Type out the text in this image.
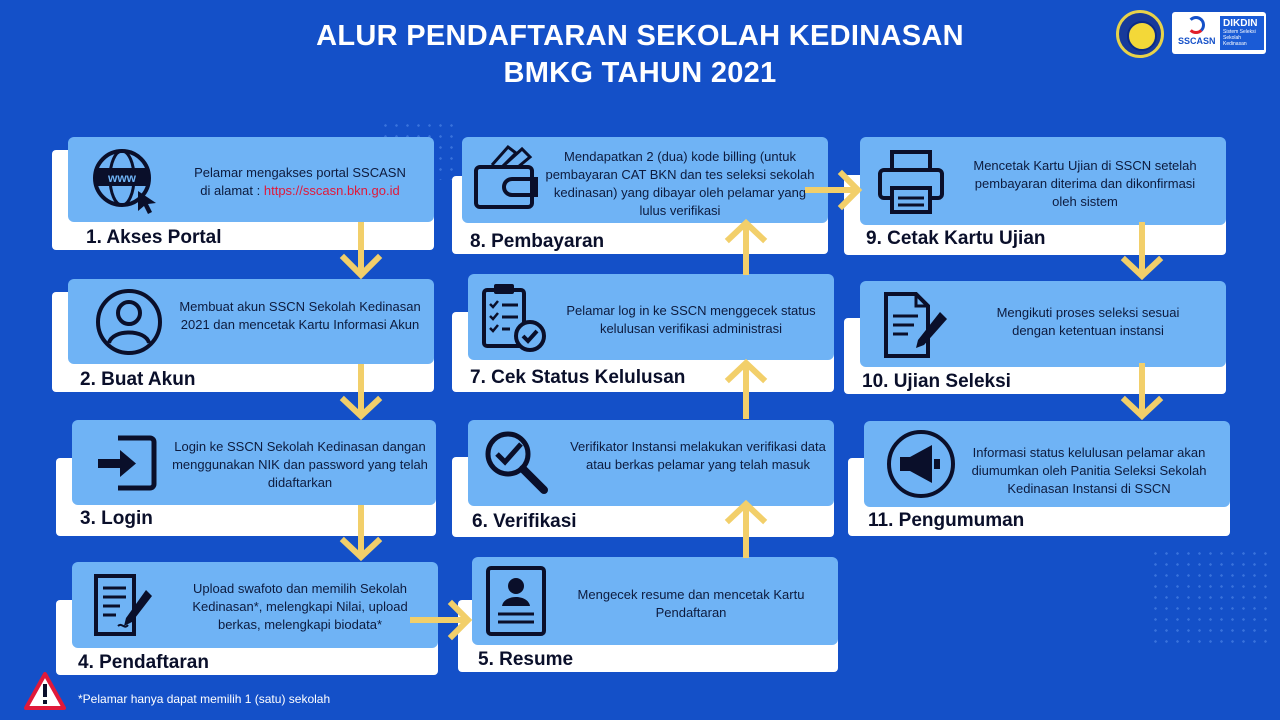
ALUR PENDAFTARAN SEKOLAH KEDINASAN
BMKG TAHUN 2021
SSCASN
DIKDIN
Sistem Seleksi Sekolah Kedinasan
www	Pelamar mengakses portal SSCASN
di alamat : https://sscasn.bkn.go.id
1. Akses Portal
Membuat akun SSCN Sekolah Kedinasan 2021 dan mencetak Kartu Informasi Akun
2. Buat Akun
Login ke SSCN Sekolah Kedinasan dangan menggunakan NIK dan password yang telah didaftarkan
3. Login
Upload swafoto dan memilih Sekolah Kedinasan*, melengkapi Nilai, upload berkas, melengkapi biodata*
4. Pendaftaran
Mendapatkan 2 (dua) kode billing (untuk pembayaran CAT BKN dan tes seleksi sekolah kedinasan) yang dibayar oleh pelamar yang lulus verifikasi
8. Pembayaran
Pelamar log in ke SSCN menggecek status kelulusan verifikasi administrasi
7. Cek Status Kelulusan
Verifikator Instansi melakukan verifikasi data atau berkas pelamar yang telah masuk
6. Verifikasi
Mengecek resume dan mencetak Kartu Pendaftaran
5. Resume
Mencetak Kartu Ujian di SSCN setelah pembayaran diterima dan dikonfirmasi oleh sistem
9. Cetak Kartu Ujian
Mengikuti proses seleksi sesuai dengan ketentuan instansi
10. Ujian Seleksi
Informasi status kelulusan pelamar akan diumumkan oleh Panitia Seleksi Sekolah Kedinasan Instansi di SSCN
11. Pengumuman
*Pelamar hanya dapat memilih 1 (satu) sekolah
